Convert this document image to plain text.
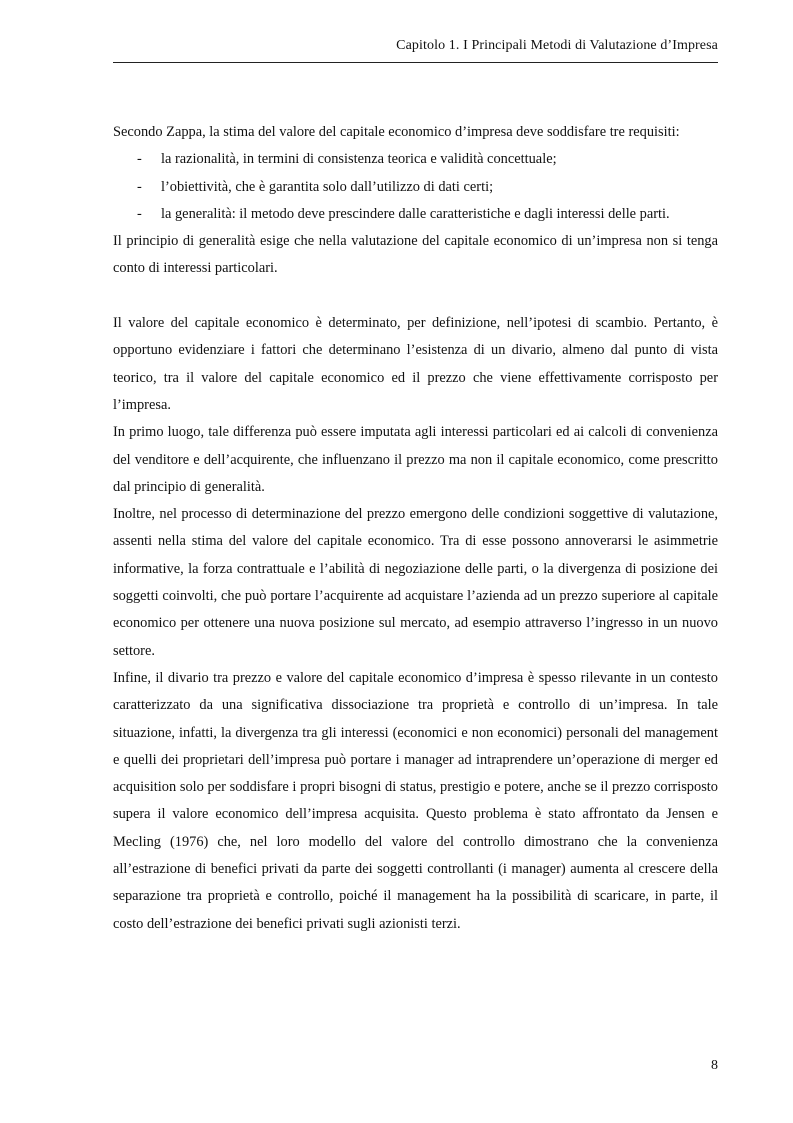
Capitolo 1. I Principali Metodi di Valutazione d’Impresa

Secondo Zappa, la stima del valore del capitale economico d’impresa deve soddisfare tre requisiti:

- la razionalità, in termini di consistenza teorica e validità concettuale;
- l’obiettività, che è garantita solo dall’utilizzo di dati certi;
- la generalità: il metodo deve prescindere dalle caratteristiche e dagli interessi delle parti.

Il principio di generalità esige che nella valutazione del capitale economico di un’impresa non si tenga conto di interessi particolari.

Il valore del capitale economico è determinato, per definizione, nell’ipotesi di scambio. Pertanto, è opportuno evidenziare i fattori che determinano l’esistenza di un divario, almeno dal punto di vista teorico, tra il valore del capitale economico ed il prezzo che viene effettivamente corrisposto per l’impresa.

In primo luogo, tale differenza può essere imputata agli interessi particolari ed ai calcoli di convenienza del venditore e dell’acquirente, che influenzano il prezzo ma non il capitale economico, come prescritto dal principio di generalità.

Inoltre, nel processo di determinazione del prezzo emergono delle condizioni soggettive di valutazione, assenti nella stima del valore del capitale economico. Tra di esse possono annoverarsi le asimmetrie informative, la forza contrattuale e l’abilità di negoziazione delle parti, o la divergenza di posizione dei soggetti coinvolti, che può portare l’acquirente ad acquistare l’azienda ad un prezzo superiore al capitale economico per ottenere una nuova posizione sul mercato, ad esempio attraverso l’ingresso in un nuovo settore.

Infine, il divario tra prezzo e valore del capitale economico d’impresa è spesso rilevante in un contesto caratterizzato da una significativa dissociazione tra proprietà e controllo di un’impresa. In tale situazione, infatti, la divergenza tra gli interessi (economici e non economici) personali del management e quelli dei proprietari dell’impresa può portare i manager ad intraprendere un’operazione di merger ed acquisition solo per soddisfare i propri bisogni di status, prestigio e potere, anche se il prezzo corrisposto supera il valore economico dell’impresa acquisita. Questo problema è stato affrontato da Jensen e Mecling (1976) che, nel loro modello del valore del controllo dimostrano che la convenienza all’estrazione di benefici privati da parte dei soggetti controllanti (i manager) aumenta al crescere della separazione tra proprietà e controllo, poiché il management ha la possibilità di scaricare, in parte, il costo dell’estrazione dei benefici privati sugli azionisti terzi.

8
